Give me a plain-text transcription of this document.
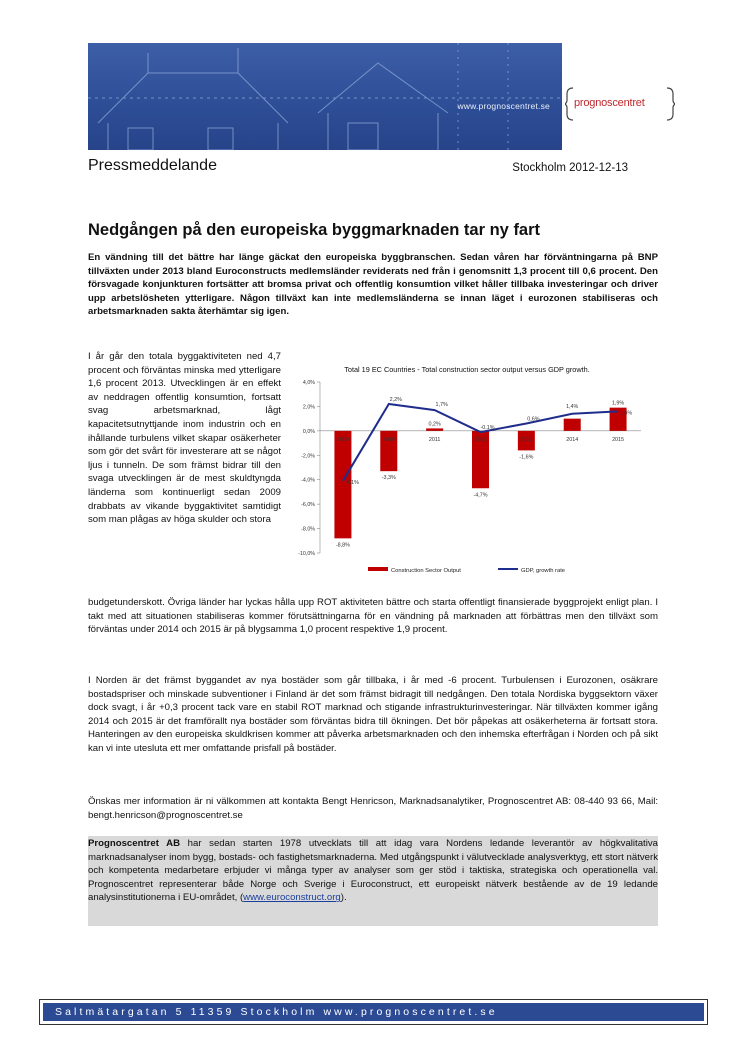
www.prognoscentret.se prognoscentret
Pressmeddelande	Stockholm 2012-12-13
Nedgången på den europeiska byggmarknaden tar ny fart
En vändning till det bättre har länge gäckat den europeiska byggbranschen. Sedan våren har förväntningarna på BNP tillväxten under 2013 bland Euroconstructs medlemsländer reviderats ned från i genomsnitt 1,3 procent till 0,6 procent. Den försvagade konjunkturen fortsätter att bromsa privat och offentlig konsumtion vilket håller tillbaka investeringar och driver upp arbetslösheten ytterligare. Någon tillväxt kan inte medlemsländerna se innan läget i eurozonen stabiliseras och arbetsmarknaden sakta återhämtar sig igen.
I år går den totala byggaktiviteten ned 4,7 procent och förväntas minska med ytterligare 1,6 procent 2013. Utvecklingen är en effekt av neddragen offentlig konsumtion, fortsatt svag arbetsmarknad, lågt kapacitetsutnyttjande inom industrin och en ihållande turbulens vilket skapar osäkerheter som gör det svårt för investerare att se något ljus i tunneln. De som främst bidrar till den svaga utvecklingen är de mest skuldtyngda länderna som kontinuerligt sedan 2009 drabbats av vikande byggaktivitet samtidigt som man plågas av höga skulder och stora
Total 19 EC Countries - Total construction sector output versus GDP growth.
4,0%
2,0%
0,0%
-2,0%
-4,0%
-6,0%
-8,0%
-10,0%
-8,8%
2009
-3,3%
2010
0,2%
2011
-4,7%
2012
-1,6%
2013	2014
1,9%
2015
-4,1%
2,2%
1,7%
-0,1%
0,6%
1,4%
1,6%
Construction Sector Output	GDP, growth rate
budgetunderskott. Övriga länder har lyckas hålla upp ROT aktiviteten bättre och starta offentligt finansierade byggprojekt enligt plan. I takt med att situationen stabiliseras kommer förutsättningarna för en vändning på marknaden att förbättras men den tillväxt som förväntas under 2014 och 2015 är på blygsamma 1,0 procent respektive 1,9 procent.
I Norden är det främst byggandet av nya bostäder som går tillbaka, i år med -6 procent. Turbulensen i Eurozonen, osäkrare bostadspriser och minskade subventioner i Finland är det som främst bidragit till nedgången. Den totala Nordiska byggsektorn växer dock svagt, i år +0,3 procent tack vare en stabil ROT marknad och stigande infrastrukturinvesteringar. När tillväxten kommer igång 2014 och 2015 är det framförallt nya bostäder som förväntas bidra till ökningen. Det bör påpekas att osäkerheterna är fortsatt stora. Hanteringen av den europeiska skuldkrisen kommer att påverka arbetsmarknaden och den inhemska efterfrågan i Norden och på sikt kan vi inte utesluta ett mer omfattande prisfall på bostäder.
Önskas mer information är ni välkommen att kontakta Bengt Henricson, Marknadsanalytiker, Prognoscentret AB: 08-440 93 66, Mail: bengt.henricson@prognoscentret.se
Prognoscentret AB har sedan starten 1978 utvecklats till att idag vara Nordens ledande leverantör av högkvalitativa marknadsanalyser inom bygg, bostads- och fastighetsmarknaderna. Med utgångspunkt i välutvecklade analysverktyg, ett stort nätverk och kompetenta medarbetare erbjuder vi många typer av analyser som ger stöd i taktiska, strategiska och operationella val. Prognoscentret representerar både Norge och Sverige i Euroconstruct, ett europeiskt nätverk bestående av de 19 ledande analysinstitutionerna i EU-området, (www.euroconstruct.org).
Saltmätargatan 5 11359 Stockholm www.prognoscentret.se
